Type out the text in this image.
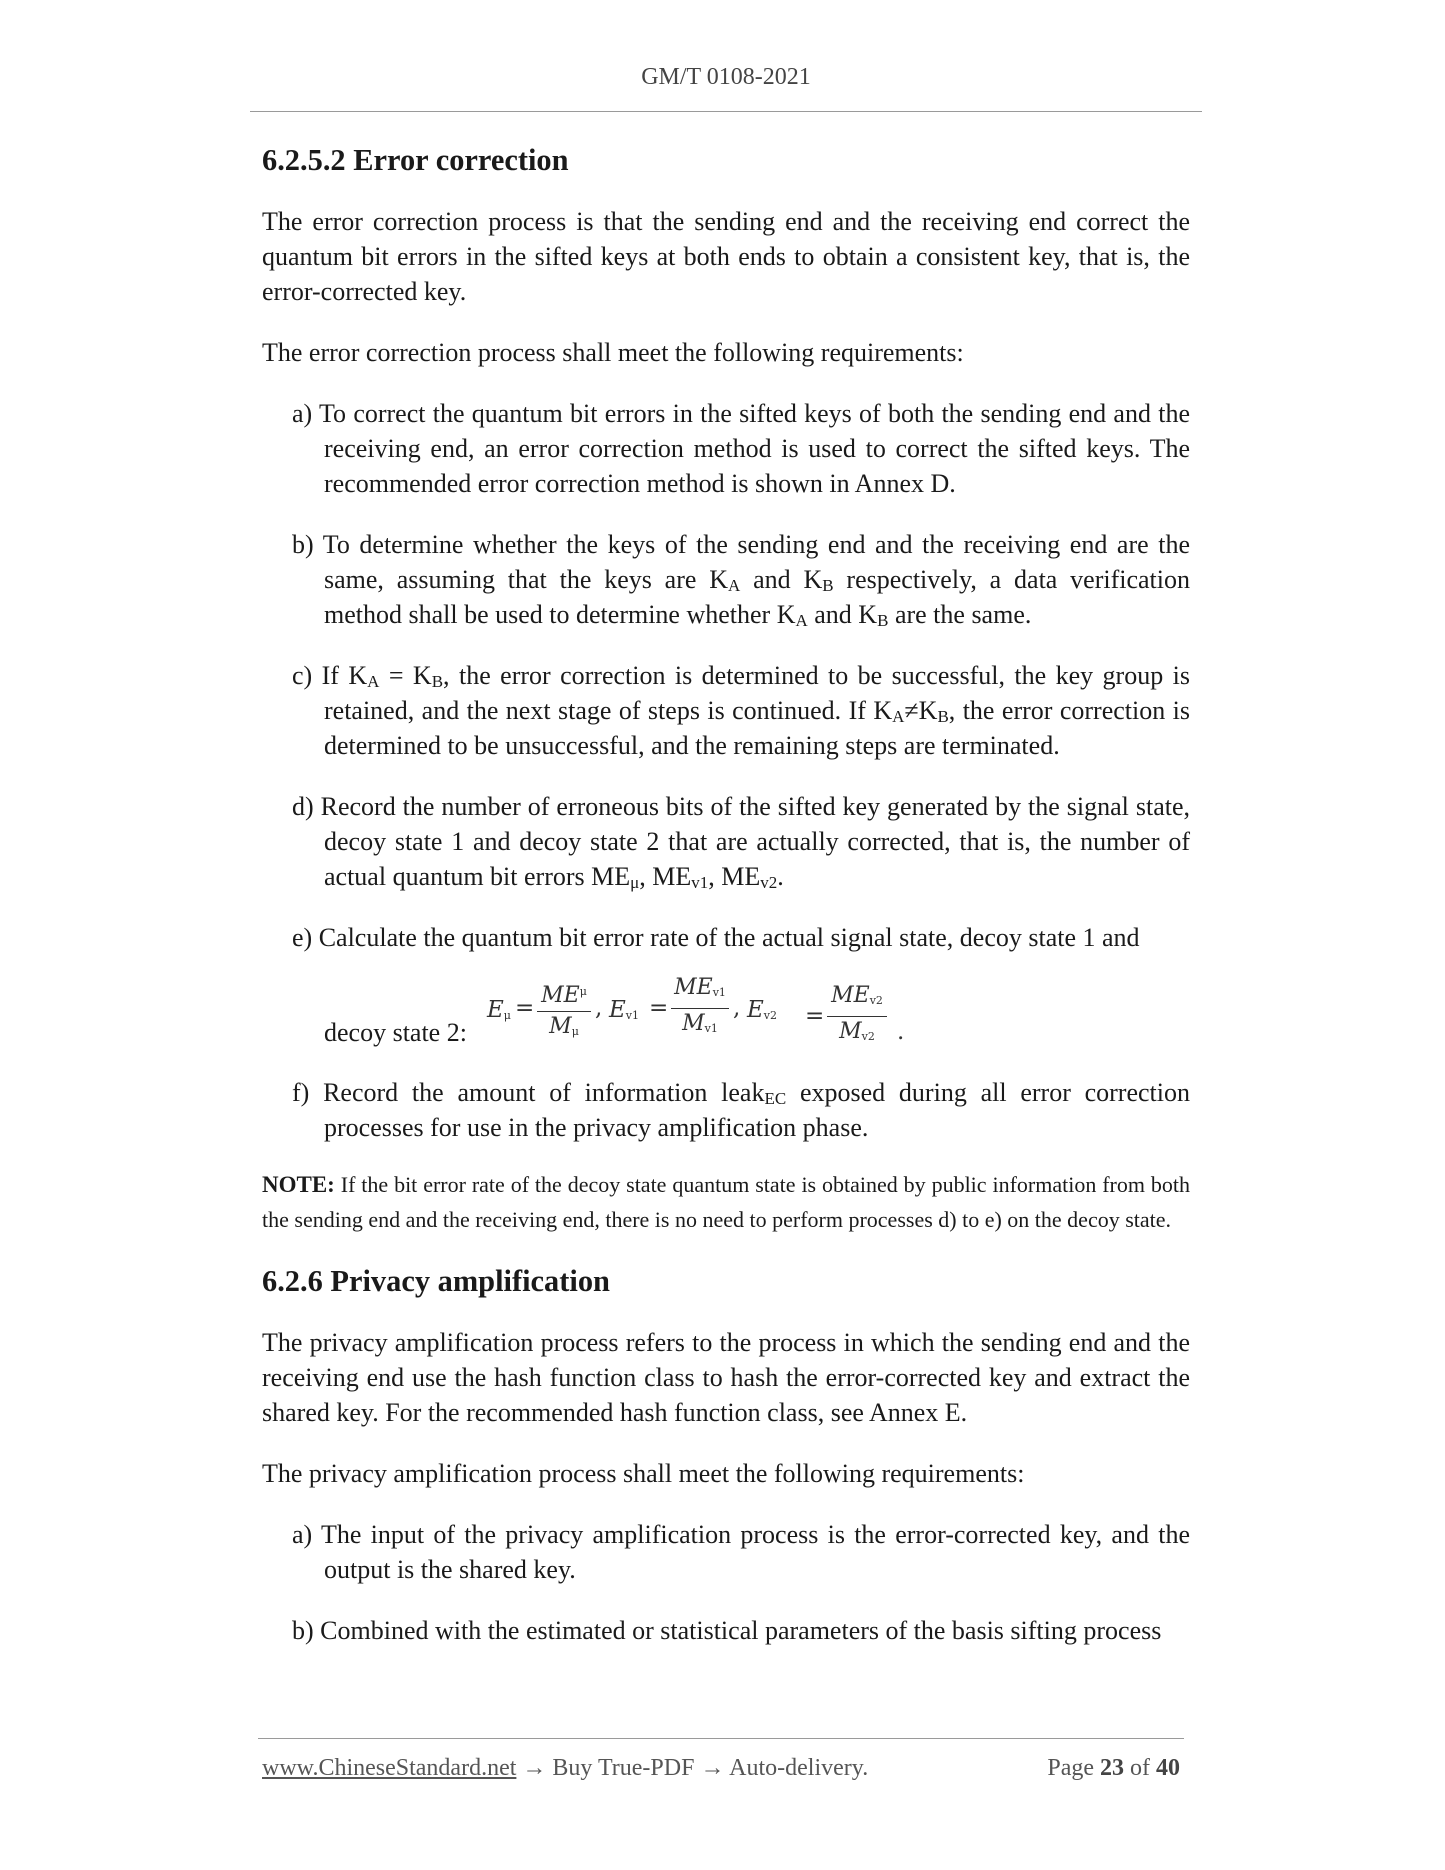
GM/T 0108-2021
6.2.5.2 Error correction

The error correction process is that the sending end and the receiving end correct the quantum bit errors in the sifted keys at both ends to obtain a consistent key, that is, the error-corrected key.

The error correction process shall meet the following requirements:

a) To correct the quantum bit errors in the sifted keys of both the sending end and the receiving end, an error correction method is used to correct the sifted keys. The recommended error correction method is shown in Annex D.

b) To determine whether the keys of the sending end and the receiving end are the same, assuming that the keys are $K_A$ and $K_B$ respectively, a data verification method shall be used to determine whether $K_A$ and $K_B$ are the same.

c) If $K_A = K_B$, the error correction is determined to be successful, the key group is retained, and the next stage of steps is continued. If $K_A\ne K_B$, the error correction is determined to be unsuccessful, and the remaining steps are terminated.

d) Record the number of erroneous bits of the sifted key generated by the signal state, decoy state 1 and decoy state 2 that are actually corrected, that is, the number of actual quantum bit errors $ME_\mu$, $ME_{v1}$, $ME_{v2}$.

e) Calculate the quantum bit error rate of the actual signal state, decoy state 1 and

decoy state 2:
$E\mu = ME^\mu$
Mμ
, Ev1 =
MEv1
Mv1
, Ev2 =
MEv2
Mv2 .

f) Record the amount of information leak$_{EC}$ exposed during all error correction processes for use in the privacy amplification phase.

NOTE: If the bit error rate of the decoy state quantum state is obtained by public information from both the sending end and the receiving end, there is no need to perform processes d) to e) on the decoy state.

6.2.6 Privacy amplification

The privacy amplification process refers to the process in which the sending end and the receiving end use the hash function class to hash the error-corrected key and extract the shared key. For the recommended hash function class, see Annex E.

The privacy amplification process shall meet the following requirements:

a) The input of the privacy amplification process is the error-corrected key, and the output is the shared key.

b) Combined with the estimated or statistical parameters of the basis sifting process

www.ChineseStandard.net → Buy True-PDF → Auto-delivery.	Page 23 of 40
